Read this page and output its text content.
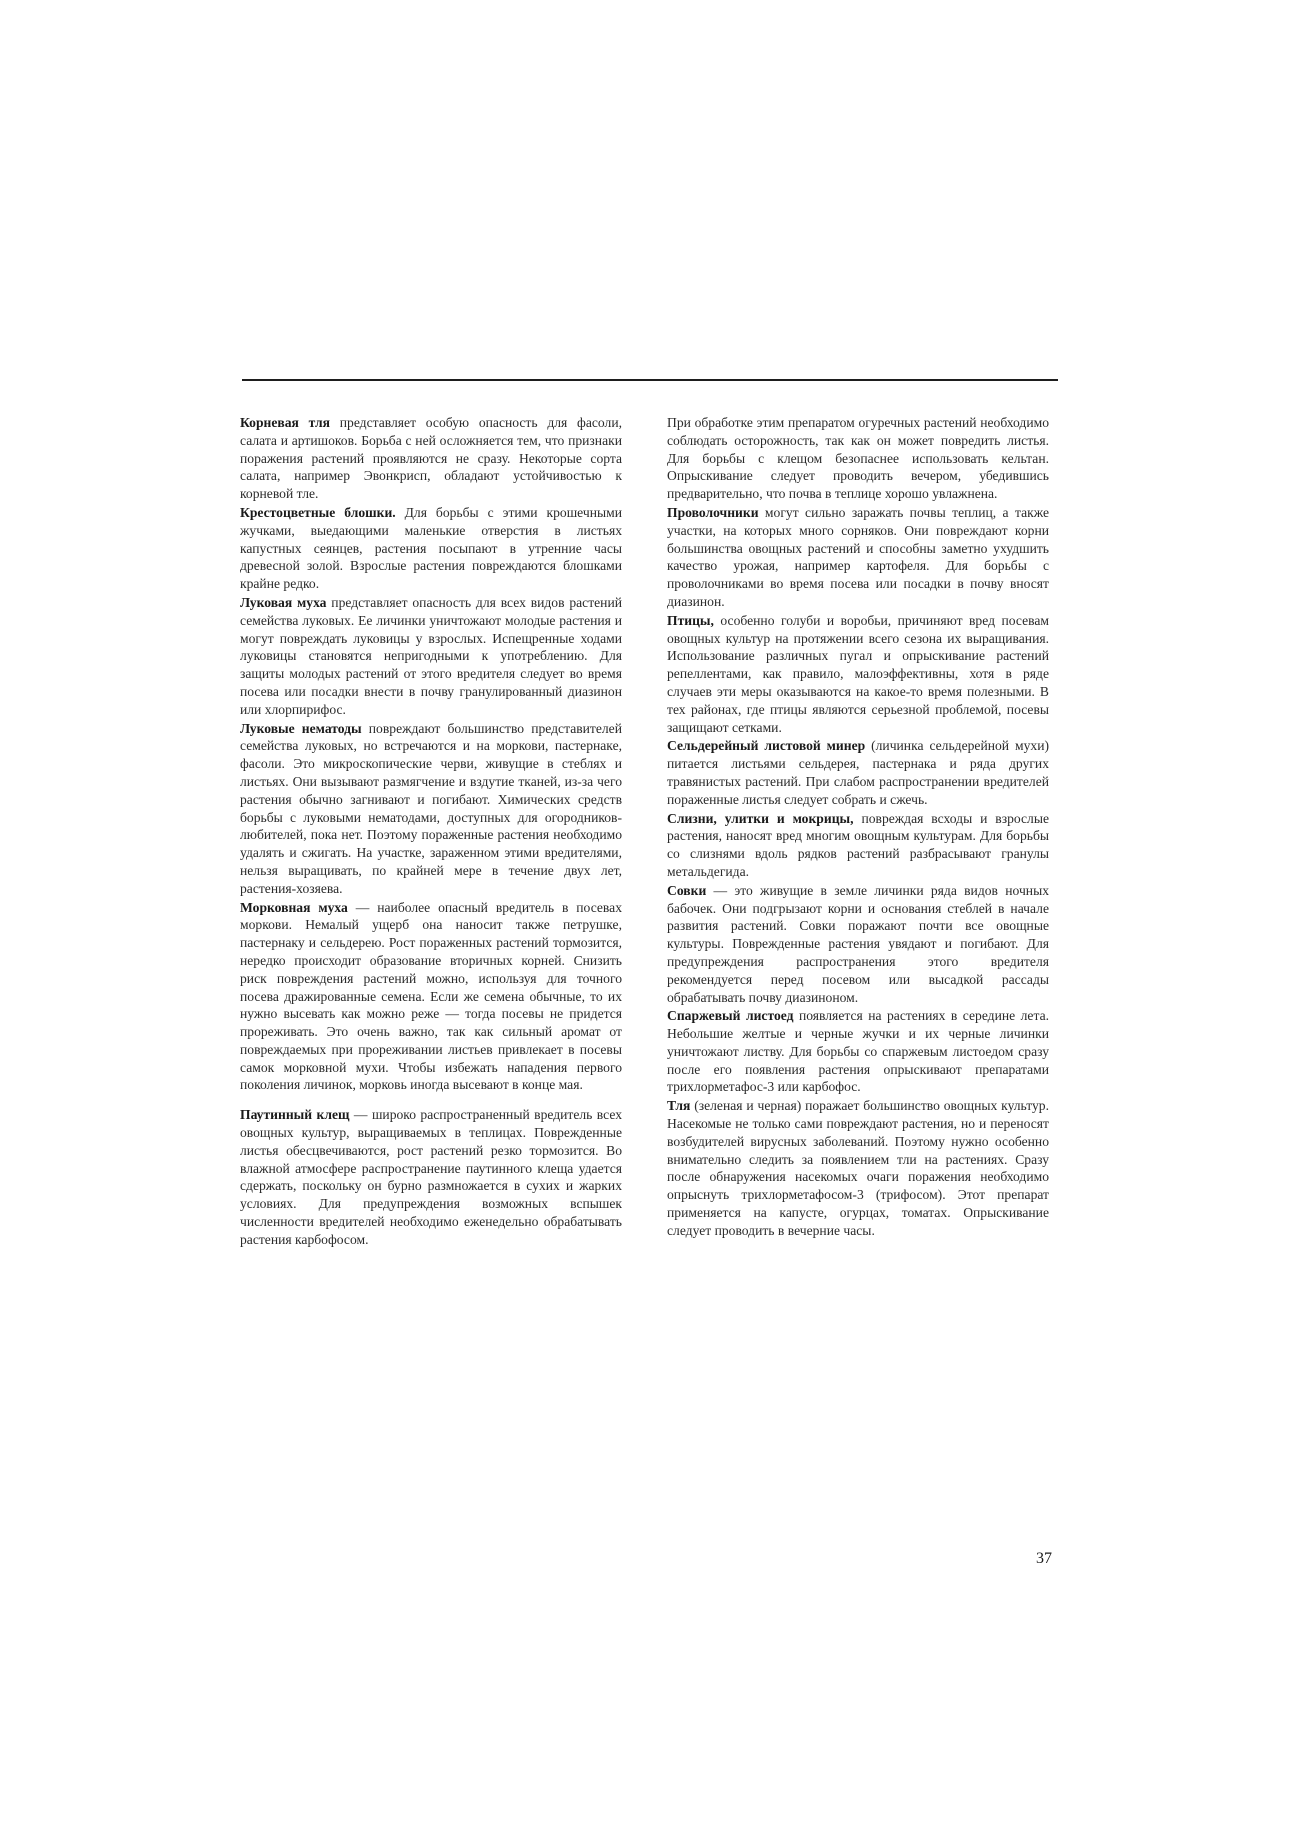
Корневая тля представляет особую опасность для фасоли, салата и артишоков. Борьба с ней осложняется тем, что признаки поражения растений проявляются не сразу. Некоторые сорта салата, например Эвонкрисп, обладают устойчивостью к корневой тле.

Крестоцветные блошки. Для борьбы с этими крошечными жучками, выедающими маленькие отверстия в листьях капустных сеянцев, растения посыпают в утренние часы древесной золой. Взрослые растения повреждаются блошками крайне редко.

Луковая муха представляет опасность для всех видов растений семейства луковых. Ее личинки уничтожают молодые растения и могут повреждать луковицы у взрослых. Испещренные ходами луковицы становятся непригодными к употреблению. Для защиты молодых растений от этого вредителя следует во время посева или посадки внести в почву гранулированный диазинон или хлорпирифос.

Луковые нематоды повреждают большинство представителей семейства луковых, но встречаются и на моркови, пастернаке, фасоли. Это микроскопические черви, живущие в стеблях и листьях. Они вызывают размягчение и вздутие тканей, из-за чего растения обычно загнивают и погибают. Химических средств борьбы с луковыми нематодами, доступных для огородников-любителей, пока нет. Поэтому пораженные растения необходимо удалять и сжигать. На участке, зараженном этими вредителями, нельзя выращивать, по крайней мере в течение двух лет, растения-хозяева.

Морковная муха — наиболее опасный вредитель в посевах моркови. Немалый ущерб она наносит также петрушке, пастернаку и сельдерею. Рост пораженных растений тормозится, нередко происходит образование вторичных корней. Снизить риск повреждения растений можно, используя для точного посева дражированные семена. Если же семена обычные, то их нужно высевать как можно реже — тогда посевы не придется прореживать. Это очень важно, так как сильный аромат от повреждаемых при прореживании листьев привлекает в посевы самок морковной мухи. Чтобы избежать нападения первого поколения личинок, морковь иногда высевают в конце мая.

Паутинный клещ — широко распространенный вредитель всех овощных культур, выращиваемых в теплицах. Поврежденные листья обесцвечиваются, рост растений резко тормозится. Во влажной атмосфере распространение паутинного клеща удается сдержать, поскольку он бурно размножается в сухих и жарких условиях. Для предупреждения возможных вспышек численности вредителей необходимо еженедельно обрабатывать растения карбофосом.

При обработке этим препаратом огуречных растений необходимо соблюдать осторожность, так как он может повредить листья. Для борьбы с клещом безопаснее использовать кельтан. Опрыскивание следует проводить вечером, убедившись предварительно, что почва в теплице хорошо увлажнена.

Проволочники могут сильно заражать почвы теплиц, а также участки, на которых много сорняков. Они повреждают корни большинства овощных растений и способны заметно ухудшить качество урожая, например картофеля. Для борьбы с проволочниками во время посева или посадки в почву вносят диазинон.

Птицы, особенно голуби и воробьи, причиняют вред посевам овощных культур на протяжении всего сезона их выращивания. Использование различных пугал и опрыскивание растений репеллентами, как правило, малоэффективны, хотя в ряде случаев эти меры оказываются на какое-то время полезными. В тех районах, где птицы являются серьезной проблемой, посевы защищают сетками.

Сельдерейный листовой минер (личинка сельдерейной мухи) питается листьями сельдерея, пастернака и ряда других травянистых растений. При слабом распространении вредителей пораженные листья следует собрать и сжечь.

Слизни, улитки и мокрицы, повреждая всходы и взрослые растения, наносят вред многим овощным культурам. Для борьбы со слизнями вдоль рядков растений разбрасывают гранулы метальдегида.

Совки — это живущие в земле личинки ряда видов ночных бабочек. Они подгрызают корни и основания стеблей в начале развития растений. Совки поражают почти все овощные культуры. Поврежденные растения увядают и погибают. Для предупреждения распространения этого вредителя рекомендуется перед посевом или высадкой рассады обрабатывать почву диазиноном.

Спаржевый листоед появляется на растениях в середине лета. Небольшие желтые и черные жучки и их черные личинки уничтожают листву. Для борьбы со спаржевым листоедом сразу после его появления растения опрыскивают препаратами трихлорметафос-3 или карбофос.

Тля (зеленая и черная) поражает большинство овощных культур. Насекомые не только сами повреждают растения, но и переносят возбудителей вирусных заболеваний. Поэтому нужно особенно внимательно следить за появлением тли на растениях. Сразу после обнаружения насекомых очаги поражения необходимо опрыснуть трихлорметафосом-3 (трифосом). Этот препарат применяется на капусте, огурцах, томатах. Опрыскивание следует проводить в вечерние часы.

37
